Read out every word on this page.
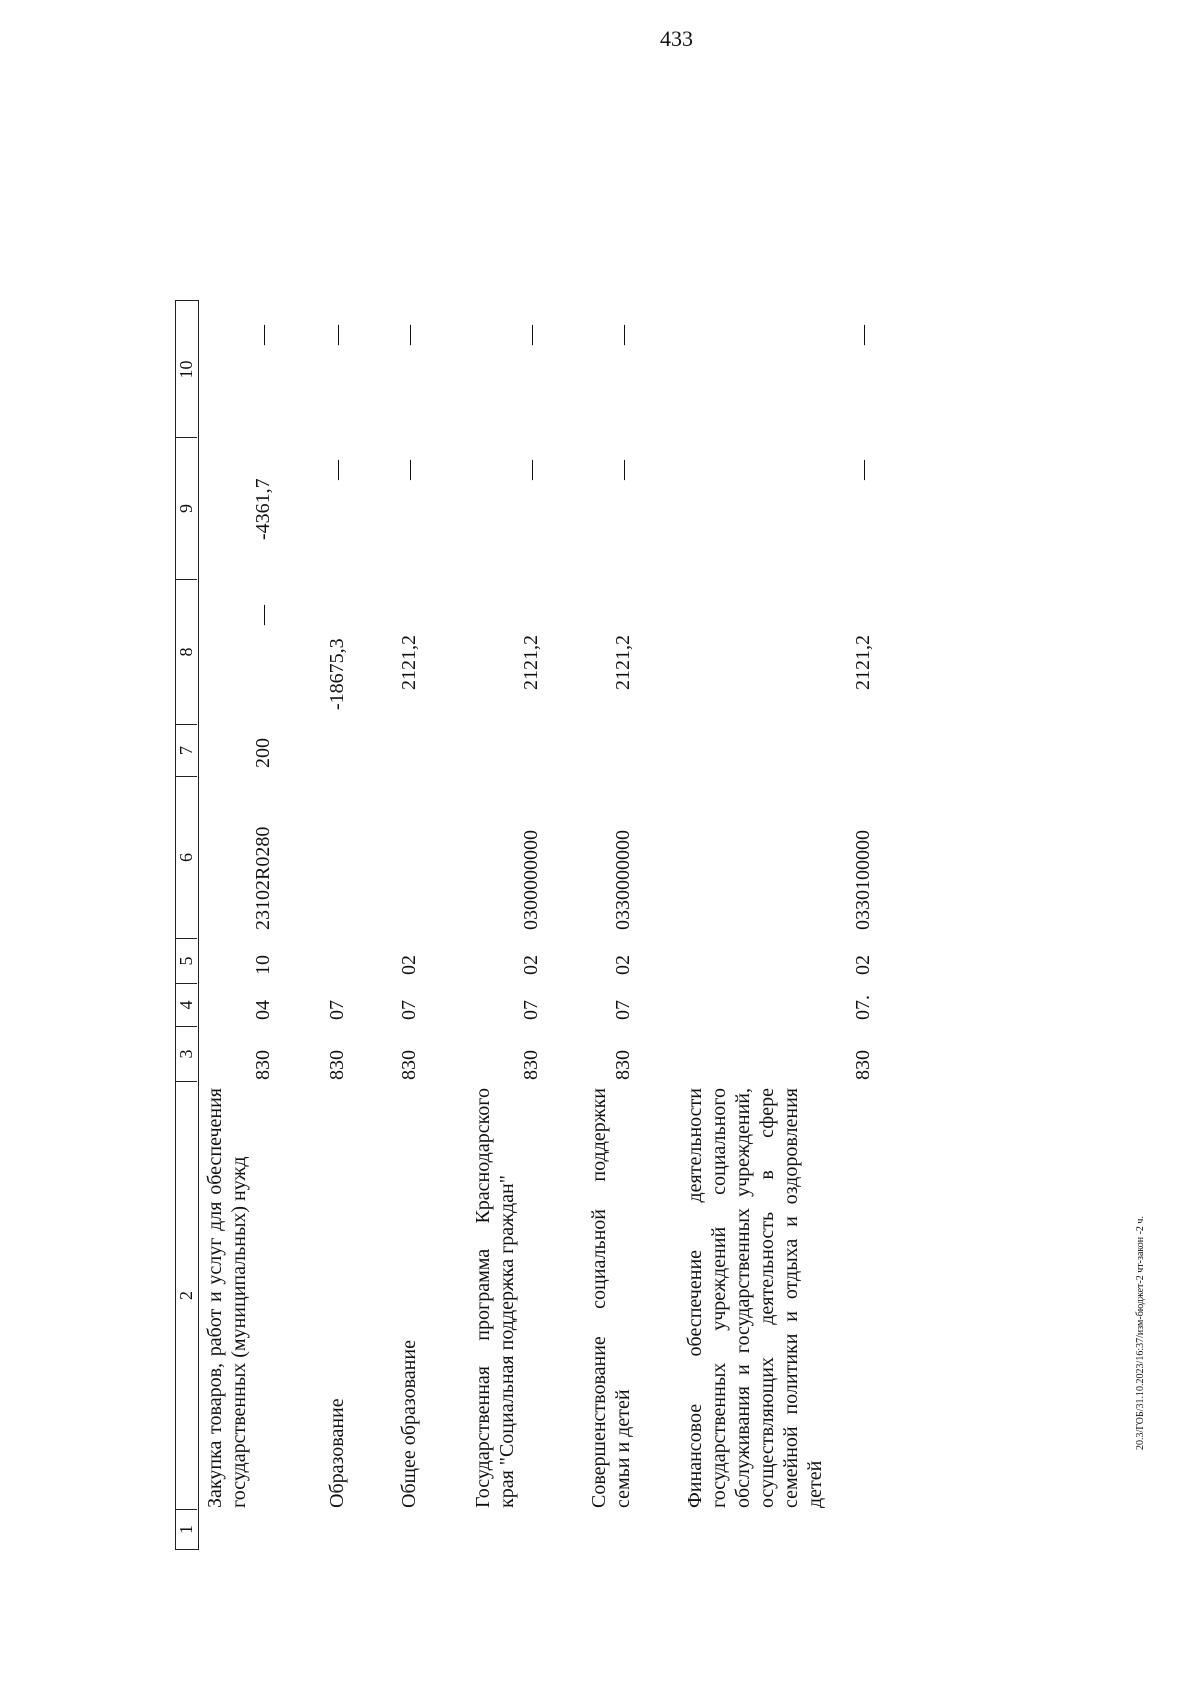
433
20.3/ГОБ/31.10.2023/16:37/изм-бюджет-2 чт-закон -2 ч.
1
2
3
4
5
6
7
8
9
10
Закупка товаров, работ и услуг для обеспечения государственных (муниципальных) нужд
830
04
10
23102R0280
200
—
-4361,7
—
Образование
830
07
-18675,3
—
—
Общее образование
830
07
02
2121,2
—
—
Государственная программа Краснодарского края "Социальная поддержка граждан"
830
07
02
0300000000
2121,2
—
—
Совершенствование социальной поддержки семьи и детей
830
07
02
0330000000
2121,2
—
—
Финансовое обеспечение деятельности государственных учреждений социального обслуживания и государственных учреждений, осуществляющих деятельность в сфере семейной политики и отдыха и оздоровления детей
830
07.
02
0330100000
2121,2
—
—
